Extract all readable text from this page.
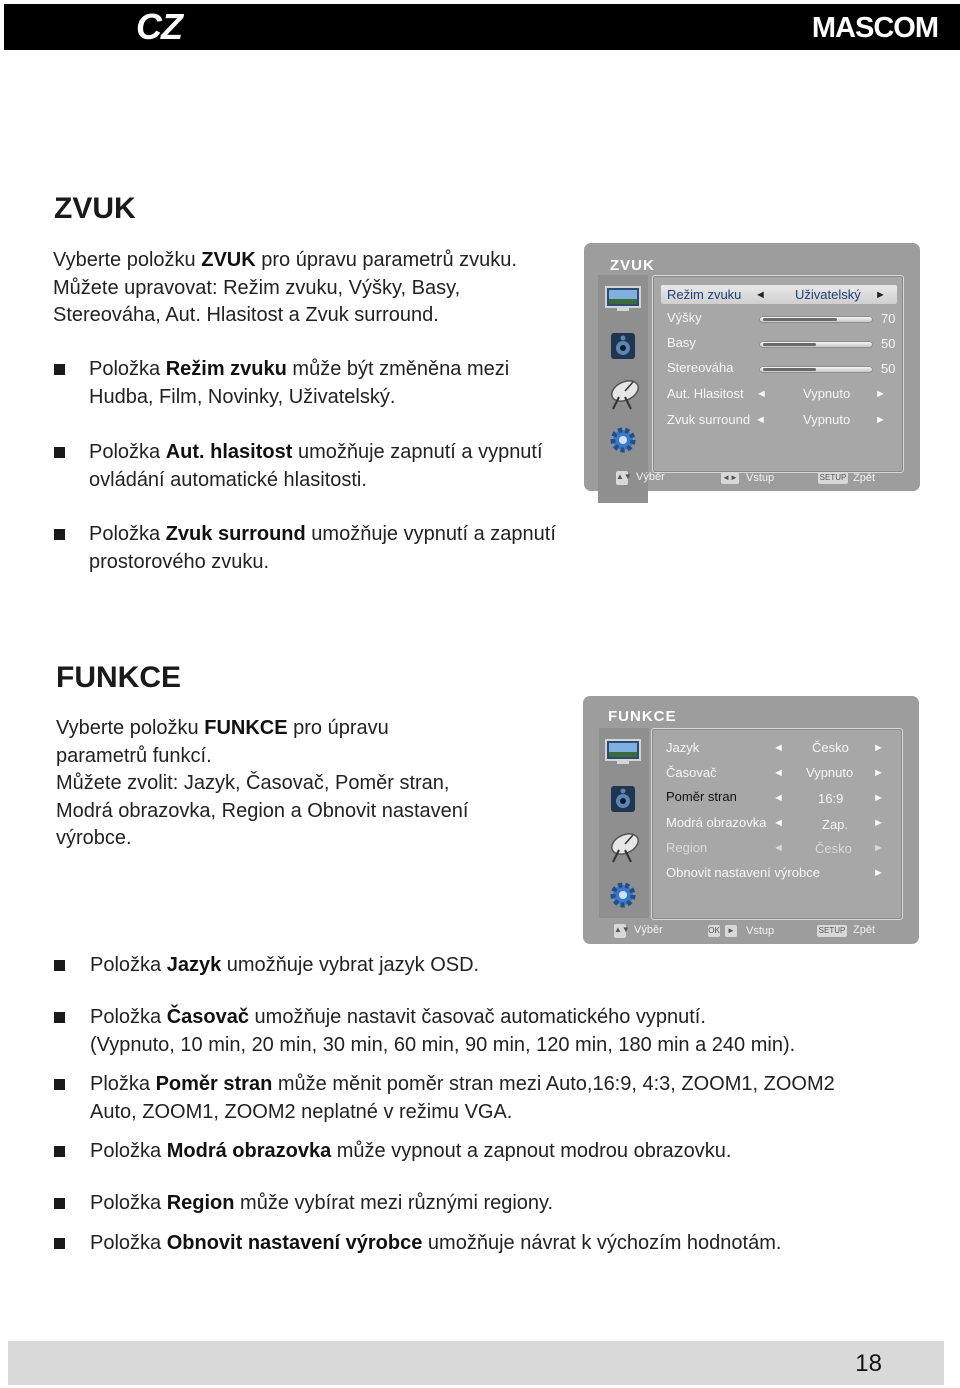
CZ	MASCOM
ZVUK
Vyberte položku ZVUK pro úpravu parametrů zvuku.
Můžete upravovat: Režim zvuku, Výšky, Basy,
Stereováha, Aut. Hlasitost a Zvuk surround.
Položka Režim zvuku může být změněna mezi
Hudba, Film, Novinky, Uživatelský.
Položka Aut. hlasitost umožňuje zapnutí a vypnutí
ovládání automatické hlasitosti.
Položka Zvuk surround umožňuje vypnutí a zapnutí
prostorového zvuku.
ZVUK
Režim zvuku ◄ Uživatelský ►
Výšky	70
Basy	50
Stereováha	50
Aut. Hlasitost ◄	Vypnuto ►
Zvuk surround ◄	Vypnuto ►
▲▼ Výběr	◄► Vstup	SETUP Zpět
FUNKCE
Vyberte položku FUNKCE pro úpravu
parametrů funkcí.
Můžete zvolit: Jazyk, Časovač, Poměr stran,
Modrá obrazovka, Region a Obnovit nastavení
výrobce.
FUNKCE
Jazyk	◄ Česko ►
Časovač	◄ Vypnuto ►
Poměr stran	◄	16:9	►
Modrá obrazovka ◄	Zap. ►
Region	◄ Česko ►
Obnovit nastavení výrobce	►
▲▼ Výběr	OK ► Vstup	SETUP Zpět
Položka Jazyk umožňuje vybrat jazyk OSD.
Položka Časovač umožňuje nastavit časovač automatického vypnutí.
(Vypnuto, 10 min, 20 min, 30 min, 60 min, 90 min, 120 min, 180 min a 240 min).
Pložka Poměr stran může měnit poměr stran mezi Auto,16:9, 4:3, ZOOM1, ZOOM2
Auto, ZOOM1, ZOOM2 neplatné v režimu VGA.
Položka Modrá obrazovka může vypnout a zapnout modrou obrazovku.
Položka Region může vybírat mezi různými regiony.
Položka Obnovit nastavení výrobce umožňuje návrat k výchozím hodnotám.
18
